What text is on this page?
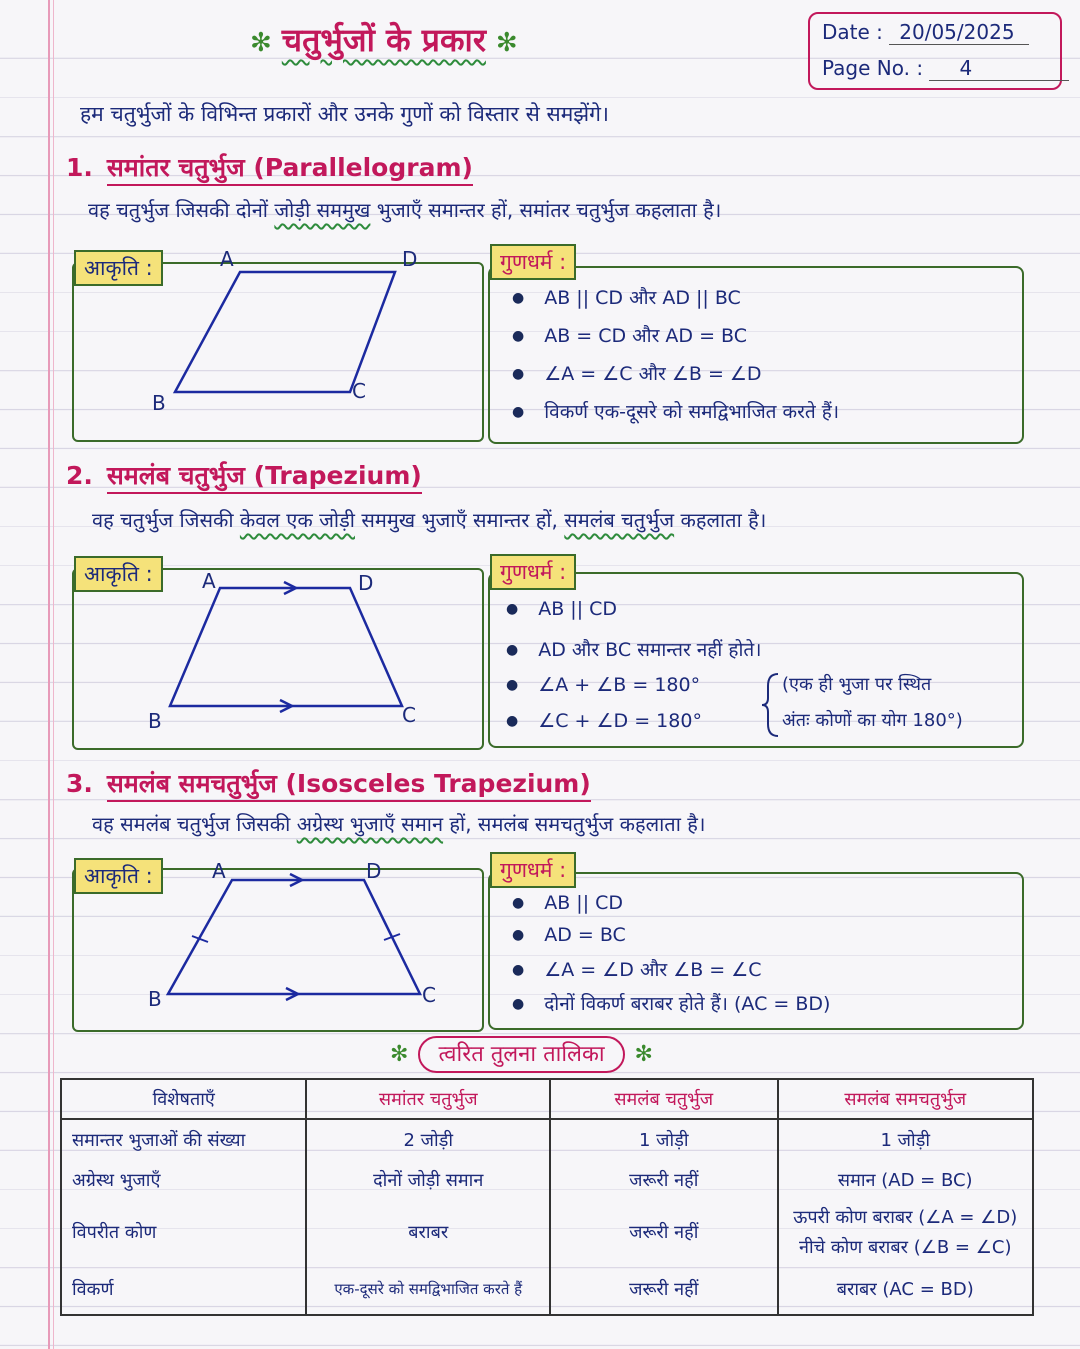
✻ चतुर्भुजों के प्रकार ✻	Date : 20/05/2025
Page No. : 4
हम चतुर्भुजों के विभिन्त प्रकारों और उनके गुणों को विस्तार से समझेंगे।
1. समांतर चतुर्भुज (Parallelogram)
वह चतुर्भुज जिसकी दोनों जोड़ी सममुख भुजाएँ समान्तर हों, समांतर चतुर्भुज कहलाता है।
आकृति :	A	D
B	C
● AB || CD और AD || BC
● AB = CD और AD = BC
● ∠A = ∠C और ∠B = ∠D
● विकर्ण एक-दूसरे को समद्विभाजित करते हैं।
गुणधर्म :
2. समलंब चतुर्भुज (Trapezium)
वह चतुर्भुज जिसकी केवल एक जोड़ी सममुख भुजाएँ समान्तर हों, समलंब चतुर्भुज कहलाता है।
आकृति :	A	D
B	C
● AB || CD
● AD और BC समान्तर नहीं होते।
● ∠A + ∠B = 180°
● ∠C + ∠D = 180°
(एक ही भुजा पर स्थित
अंतः कोणों का योग 180°)
गुणधर्म :
3. समलंब समचतुर्भुज (Isosceles Trapezium)
वह समलंब चतुर्भुज जिसकी अग्रेस्थ भुजाएँ समान हों, समलंब समचतुर्भुज कहलाता है।
आकृति :	A	D
B	C
● AB || CD
● AD = BC
● ∠A = ∠D और ∠B = ∠C
● दोनों विकर्ण बराबर होते हैं। (AC = BD)
गुणधर्म :
✻ त्वरित तुलना तालिका ✻
विशेषताएँ	समांतर चतुर्भुज	समलंब चतुर्भुज	समलंब समचतुर्भुज
समान्तर भुजाओं की संख्या	2 जोड़ी	1 जोड़ी	1 जोड़ी
अग्रेस्थ भुजाएँ	दोनों जोड़ी समान	जरूरी नहीं	समान (AD = BC)
विपरीत कोण	बराबर	जरूरी नहीं	ऊपरी कोण बराबर (∠A = ∠D)
नीचे कोण बराबर (∠B = ∠C)

विकर्ण	एक-दूसरे को समद्विभाजित करते हैं	जरूरी नहीं	बराबर (AC = BD)
